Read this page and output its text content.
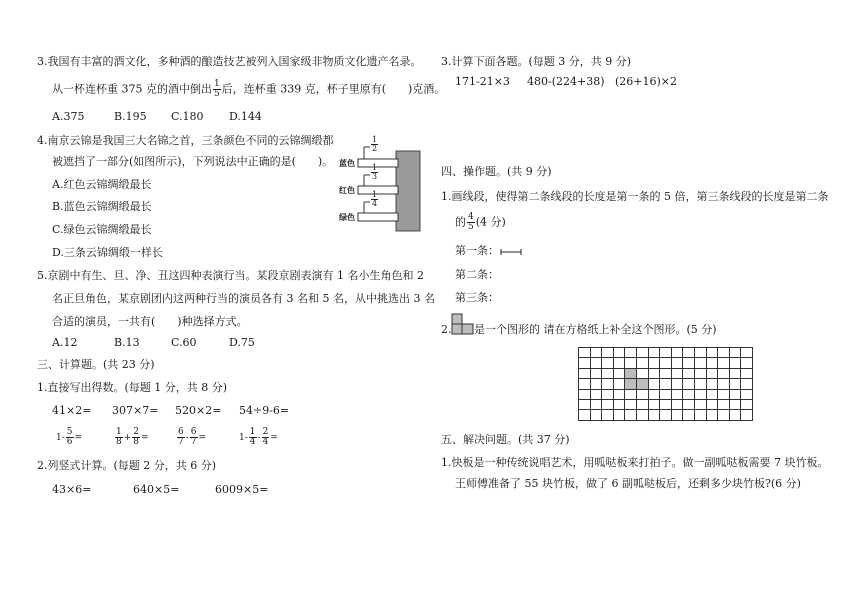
3.我国有丰富的酒文化，多种酒的酿造技艺被列入国家级非物质文化遗产名录。
从一杯连杯重 375 克的酒中倒出 $\frac{1}{5}$ 后，连杯重 339 克，杯子里原有( )克酒。
A.375	B.195 C.180 D.144
4.南京云锦是我国三大名锦之首，三条颜色不同的云锦绸缎都
被遮挡了一部分(如图所示)，下列说法中正确的是(　　)。
A.红色云锦绸缎最长
B.蓝色云锦绸缎最长
C.绿色云锦绸缎最长
D.三条云锦绸缎一样长
蓝色
红色
绿色
$\frac{1}{2}$
$\frac{1}{3}$
$\frac{1}{4}$
5.京剧中有生、旦、净、丑这四种表演行当。某段京剧表演有 1 名小生角色和 2
名正旦角色，某京剧团内这两种行当的演员各有 3 名和 5 名，从中挑选出 3 名
合适的演员，一共有(　　)种选择方式。
A.12	B.13	C.60	D.75
三、计算题。(共 23 分)
1.直接写出得数。(每题 1 分，共 8 分)
41×2= 307×7= 520×2= 54÷9-6=
$1- \frac{5}{6}$ =	$\frac{1}{8} + \frac{2}{8}$ =	$\frac{6}{7} - \frac{6}{7}$ =	$1- \frac{1}{4} - \frac{2}{4}$ =
2.列竖式计算。(每题 2 分，共 6 分)
43×6=	640×5=	6009×5=
3.计算下面各题。(每题 3 分，共 9 分)
171-21×3 480-(224+38) (26+16)×2
四、操作题。(共 9 分)
1.画线段，使得第二条线段的长度是第一条的 5 倍，第三条线段的长度是第二条
的 $\frac{4}{5} (4$ 分)
第一条：
第二条：
第三条：
2. 是一个图形的 请在方格纸上补全这个图形。(5 分)

五、解决问题。(共 37 分)
1.快板是一种传统说唱艺术，用呱哒板来打拍子。做一副呱哒板需要 7 块竹板。
王师傅准备了 55 块竹板，做了 6 副呱哒板后，还剩多少块竹板?(6 分)
